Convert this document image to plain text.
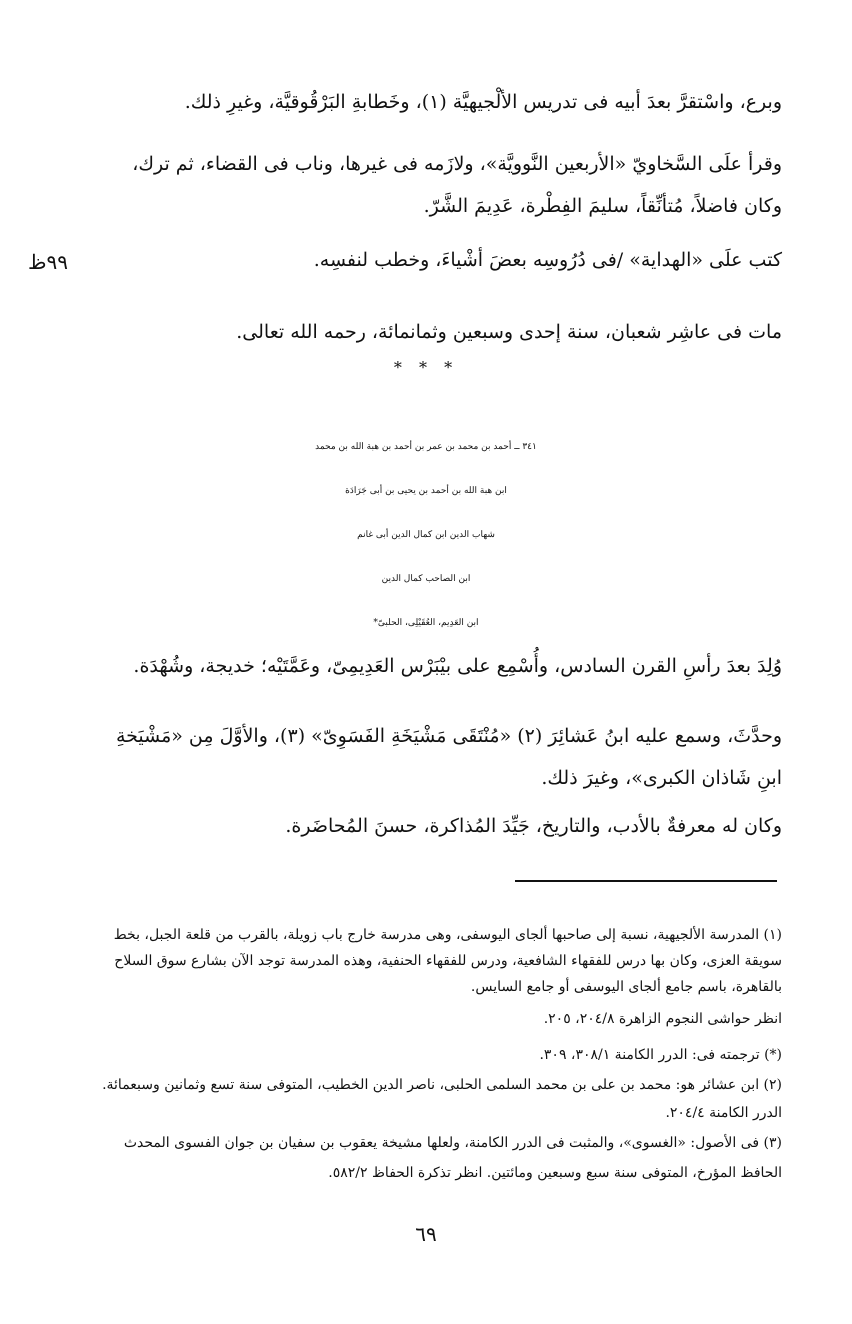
وبرع، واسْتقرَّ بعدَ أبيه فى تدريس الألْجيهيَّة (١)، وخَطابةِ البَرْقُوقيَّة، وغيرِ ذلك.
وقرأ علَى السَّخاويّ «الأربعين النَّوويَّة»، ولازَمه فى غيرها، وناب فى القضاء، ثم ترك،
وكان فاضلاً، مُتأنِّقاً، سليمَ الفِطْرة، عَدِيمَ الشَّرّ.
٩٩ظ	كتب علَى «الهداية» /فى دُرُوسِه بعضَ أشْياءَ، وخطب لنفسِه.
مات فى عاشِر شعبان، سنة إحدى وسبعين وثمانمائة، رحمه الله تعالى.
* * *
٣٤١ ــ أحمد بن محمد بن عمر بن أحمد بن هبة الله بن محمد
ابن هبة الله بن أحمد بن يحيى بن أبى جَرَادَة
شهاب الدين ابن كمال الدين أبى غانم
ابن الصاحب كمال الدين
ابن العَدِيم، العُقَيْلِى، الحلبىّ*
وُلِدَ بعدَ رأسِ القرن السادس، وأُسْمِع على بيْبَرْس العَدِيمِىّ، وعَمَّتَيْه؛ خديجة، وشُهْدَة.
وحدَّثَ، وسمع عليه ابنُ عَشائِرَ (٢) «مُنْتَقَى مَشْيَخَةِ الفَسَوِىّ» (٣)، والأوَّلَ مِن «مَشْيَخةِ
ابنِ شَاذان الكبرى»، وغيرَ ذلك.
وكان له معرفةٌ بالأدب، والتاريخ، جَيِّدَ المُذاكرة، حسنَ المُحاضَرة.
(١) المدرسة الألجيهية، نسبة إلى صاحبها ألجاى اليوسفى، وهى مدرسة خارج باب زويلة، بالقرب من قلعة الجبل، بخط
سويقة العزى، وكان بها درس للفقهاء الشافعية، ودرس للفقهاء الحنفية، وهذه المدرسة توجد الآن بشارع سوق السلاح
بالقاهرة، باسم جامع ألجاى اليوسفى أو جامع السايس.
انظر حواشى النجوم الزاهرة ٢٠٤/٨، ٢٠٥.
(*) ترجمته فى: الدرر الكامنة ٣٠٨/١، ٣٠٩.
(٢) ابن عشائر هو: محمد بن على بن محمد السلمى الحلبى، ناصر الدين الخطيب، المتوفى سنة تسع وثمانين وسبعمائة.
الدرر الكامنة ٢٠٤/٤.
(٣) فى الأصول: «الغسوى»، والمثبت فى الدرر الكامنة، ولعلها مشيخة يعقوب بن سفيان بن جوان الفسوى المحدث
الحافظ المؤرخ، المتوفى سنة سبع وسبعين ومائتين. انظر تذكرة الحفاظ ٥٨٢/٢.
٦٩
